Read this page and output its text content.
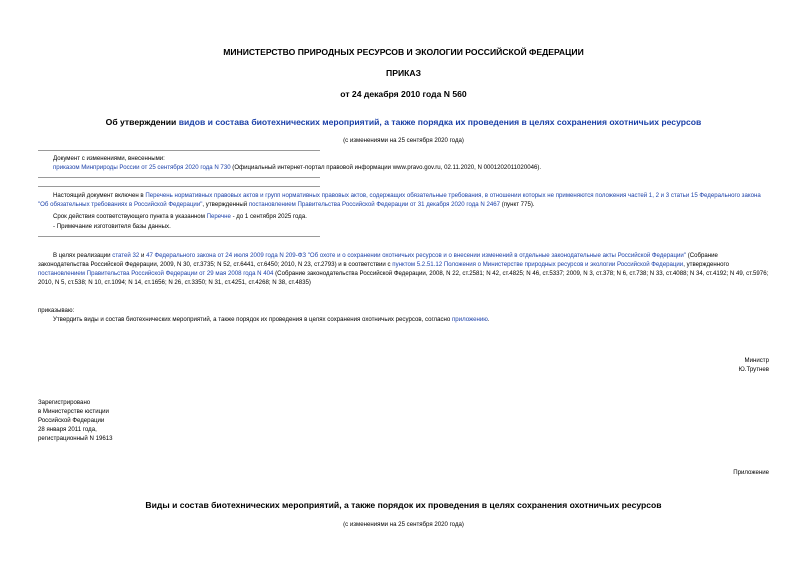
МИНИСТЕРСТВО ПРИРОДНЫХ РЕСУРСОВ И ЭКОЛОГИИ РОССИЙСКОЙ ФЕДЕРАЦИИ
ПРИКАЗ
от 24 декабря 2010 года N 560
Об утверждении видов и состава биотехнических мероприятий, а также порядка их проведения в целях сохранения охотничьих ресурсов
(с изменениями на 25 сентября 2020 года)
Документ с изменениями, внесенными:
приказом Минприроды России от 25 сентября 2020 года N 730 (Официальный интернет-портал правовой информации www.pravo.gov.ru, 02.11.2020, N 0001202011020046).
Настоящий документ включен в Перечень нормативных правовых актов и групп нормативных правовых актов, содержащих обязательные требования, в отношении которых не применяются положения частей 1, 2 и 3 статьи 15 Федерального закона "Об обязательных требованиях в Российской Федерации", утвержденный постановлением Правительства Российской Федерации от 31 декабря 2020 года N 2467 (пункт 775).
Срок действия соответствующего пункта в указанном Перечне - до 1 сентября 2025 года.
- Примечание изготовителя базы данных.
В целях реализации статей 32 и 47 Федерального закона от 24 июля 2009 года N 209-ФЗ "Об охоте и о сохранении охотничьих ресурсов и о внесении изменений в отдельные законодательные акты Российской Федерации" (Собрание законодательства Российской Федерации, 2009, N 30, ст.3735; N 52, ст.6441, ст.6450; 2010, N 23, ст.2793) и в соответствии с пунктом 5.2.51.12 Положения о Министерстве природных ресурсов и экологии Российской Федерации, утвержденного постановлением Правительства Российской Федерации от 29 мая 2008 года N 404 (Собрание законодательства Российской Федерации, 2008, N 22, ст.2581; N 42, ст.4825; N 46, ст.5337; 2009, N 3, ст.378; N 6, ст.738; N 33, ст.4088; N 34, ст.4192; N 49, ст.5976; 2010, N 5, ст.538; N 10, ст.1094; N 14, ст.1656; N 26, ст.3350; N 31, ст.4251, ст.4268; N 38, ст.4835)
приказываю:
Утвердить виды и состав биотехнических мероприятий, а также порядок их проведения в целях сохранения охотничьих ресурсов, согласно приложению.
Министр
Ю.Трутнев
Зарегистрировано
в Министерстве юстиции
Российской Федерации
28 января 2011 года,
регистрационный N 19613
Приложение
Виды и состав биотехнических мероприятий, а также порядок их проведения в целях сохранения охотничьих ресурсов
(с изменениями на 25 сентября 2020 года)
